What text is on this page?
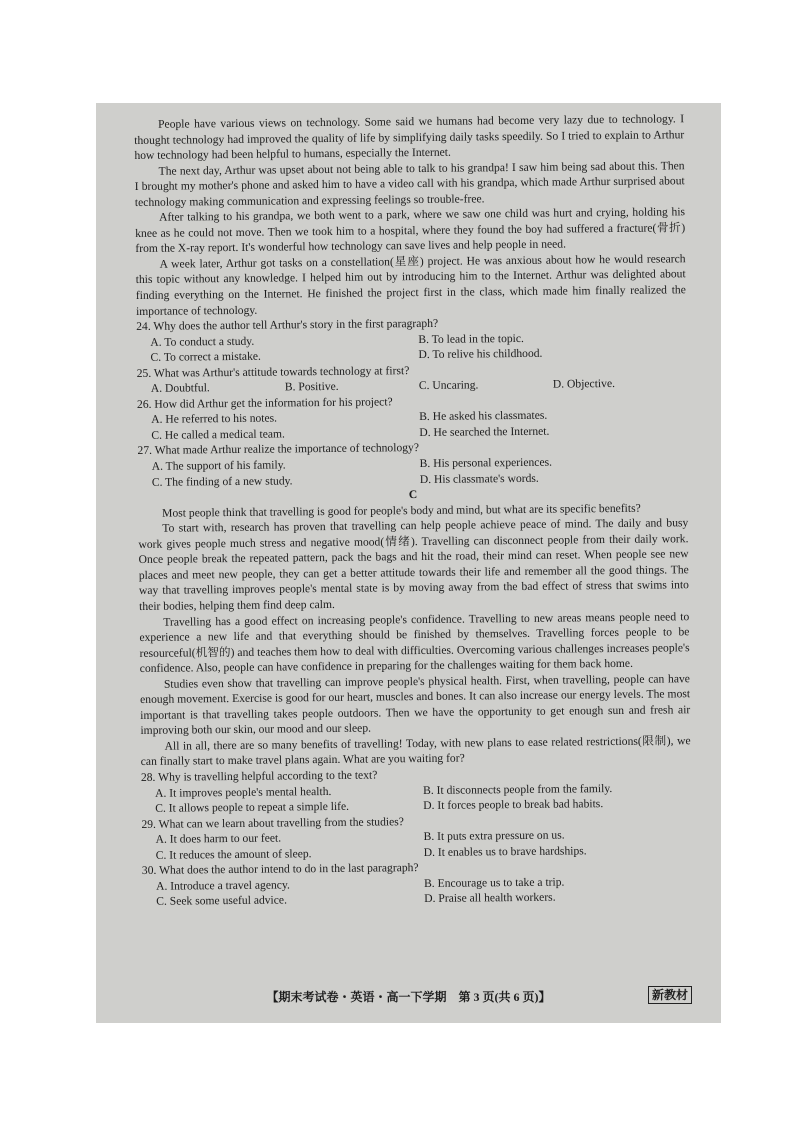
People have various views on technology. Some said we humans had become very lazy due to technology. I thought technology had improved the quality of life by simplifying daily tasks speedily. So I tried to explain to Arthur how technology had been helpful to humans, especially the Internet.

The next day, Arthur was upset about not being able to talk to his grandpa! I saw him being sad about this. Then I brought my mother's phone and asked him to have a video call with his grandpa, which made Arthur surprised about technology making communication and expressing feelings so trouble-free.

After talking to his grandpa, we both went to a park, where we saw one child was hurt and crying, holding his knee as he could not move. Then we took him to a hospital, where they found the boy had suffered a fracture(骨折) from the X-ray report. It's wonderful how technology can save lives and help people in need.

A week later, Arthur got tasks on a constellation(星座) project. He was anxious about how he would research this topic without any knowledge. I helped him out by introducing him to the Internet. Arthur was delighted about finding everything on the Internet. He finished the project first in the class, which made him finally realized the importance of technology.

24. Why does the author tell Arthur's story in the first paragraph?

A. To conduct a study.	B. To lead in the topic.
C. To correct a mistake.	D. To relive his childhood.

25. What was Arthur's attitude towards technology at first?

A. Doubtful.	B. Positive.	C. Uncaring.	D. Objective.

26. How did Arthur get the information for his project?

A. He referred to his notes.	B. He asked his classmates.
C. He called a medical team.	D. He searched the Internet.

27. What made Arthur realize the importance of technology?

A. The support of his family.	B. His personal experiences.
C. The finding of a new study.	D. His classmate's words.

C

Most people think that travelling is good for people's body and mind, but what are its specific benefits?

To start with, research has proven that travelling can help people achieve peace of mind. The daily and busy work gives people much stress and negative mood(情绪). Travelling can disconnect people from their daily work. Once people break the repeated pattern, pack the bags and hit the road, their mind can reset. When people see new places and meet new people, they can get a better attitude towards their life and remember all the good things. The way that travelling improves people's mental state is by moving away from the bad effect of stress that swims into their bodies, helping them find deep calm.

Travelling has a good effect on increasing people's confidence. Travelling to new areas means people need to experience a new life and that everything should be finished by themselves. Travelling forces people to be resourceful(机智的) and teaches them how to deal with difficulties. Overcoming various challenges increases people's confidence. Also, people can have confidence in preparing for the challenges waiting for them back home.

Studies even show that travelling can improve people's physical health. First, when travelling, people can have enough movement. Exercise is good for our heart, muscles and bones. It can also increase our energy levels. The most important is that travelling takes people outdoors. Then we have the opportunity to get enough sun and fresh air improving both our skin, our mood and our sleep.

All in all, there are so many benefits of travelling! Today, with new plans to ease related restrictions(限制), we can finally start to make travel plans again. What are you waiting for?

28. Why is travelling helpful according to the text?

A. It improves people's mental health.	B. It disconnects people from the family.
C. It allows people to repeat a simple life.	D. It forces people to break bad habits.

29. What can we learn about travelling from the studies?

A. It does harm to our feet.	B. It puts extra pressure on us.
C. It reduces the amount of sleep.	D. It enables us to brave hardships.

30. What does the author intend to do in the last paragraph?

A. Introduce a travel agency.	B. Encourage us to take a trip.
C. Seek some useful advice.	D. Praise all health workers.
【期末考试卷・英语・高一下学期　第 3 页(共 6 页)】	新教材
